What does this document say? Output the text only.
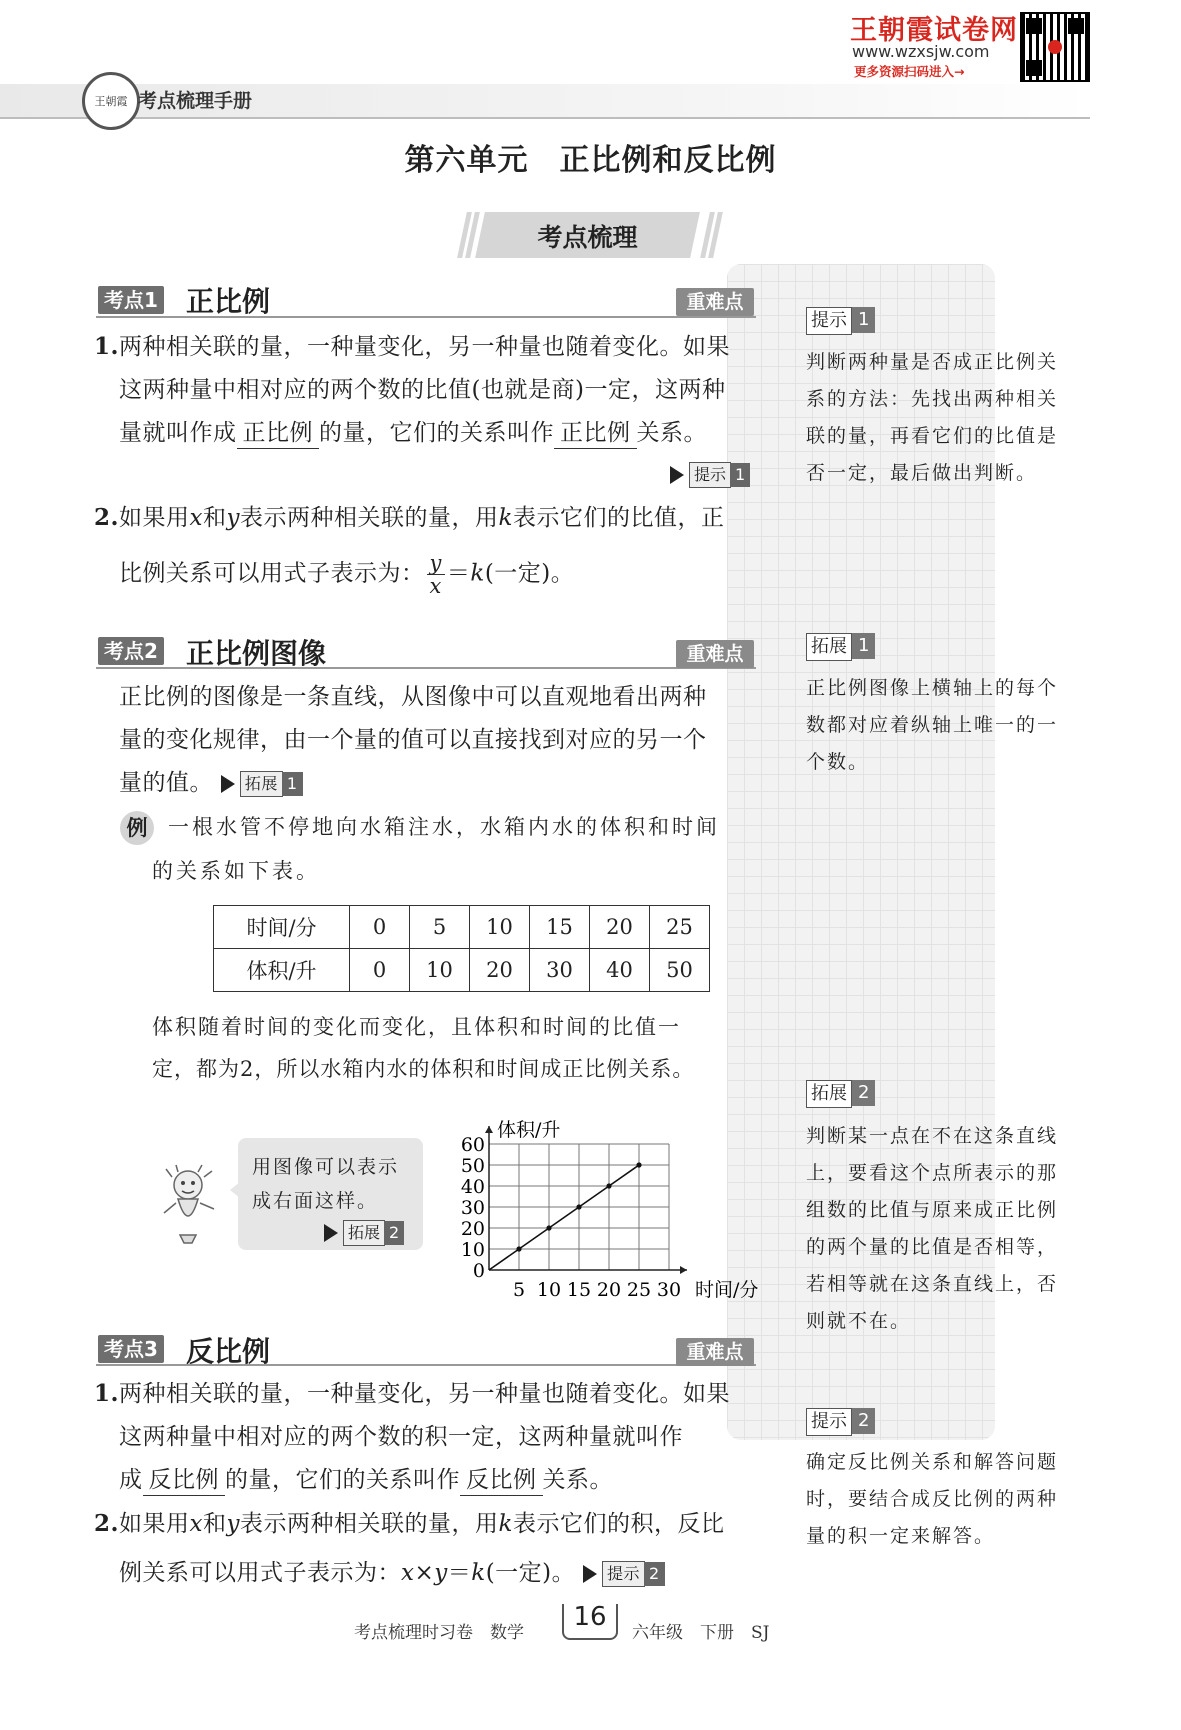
王朝霞 考点梳理手册
王朝霞试卷网
www.wzxsjw.com
更多资源扫码进入→
第六单元　正比例和反比例
考点梳理
提示 1
判断两种量是否成正比例关系的方法：先找出两种相关联的量，再看它们的比值是否一定，最后做出判断。
拓展 1
正比例图像上横轴上的每个数都对应着纵轴上唯一的一个数。
拓展 2
判断某一点在不在这条直线上，要看这个点所表示的那组数的比值与原来成正比例的两个量的比值是否相等，若相等就在这条直线上，否则就不在。
提示 2
确定反比例关系和解答问题时，要结合成反比例的两种量的积一定来解答。
考点1 正比例	重难点
1.两种相关联的量，一种量变化，另一种量也随着变化。如果
这两种量中相对应的两个数的比值(也就是商)一定，这两种
量就叫作成 正比例 的量，它们的关系叫作 正比例 关系。
提示 1
2.如果用x和y表示两种相关联的量，用k表示它们的比值，正
比例关系可以用式子表示为： $\frac{y}{x} =k$(一定)。
考点2 正比例图像	重难点
正比例的图像是一条直线，从图像中可以直观地看出两种
量的变化规律，由一个量的值可以直接找到对应的另一个
量的值。	拓展 1
例 一根水管不停地向水箱注水，水箱内水的体积和时间
的关系如下表。
时间/分	0	5	10	15	20	25
体积/升	0	10	20	30	40	50
体积随着时间的变化而变化，且体积和时间的比值一
定，都为2，所以水箱内水的体积和时间成正比例关系。
用图像可以表示
成右面这样。
拓展 2
60
50
40
30
20
10
0
5 10 15 20 25 30
体积/升
时间/分
考点3 反比例	重难点
1.两种相关联的量，一种量变化，另一种量也随着变化。如果
这两种量中相对应的两个数的积一定，这两种量就叫作
成 反比例 的量，它们的关系叫作 反比例 关系。
2.如果用x和y表示两种相关联的量，用k表示它们的积，反比
例关系可以用式子表示为：x×y＝k(一定)。	提示 2
考点梳理时习卷　数学
16
六年级　下册　SJ
